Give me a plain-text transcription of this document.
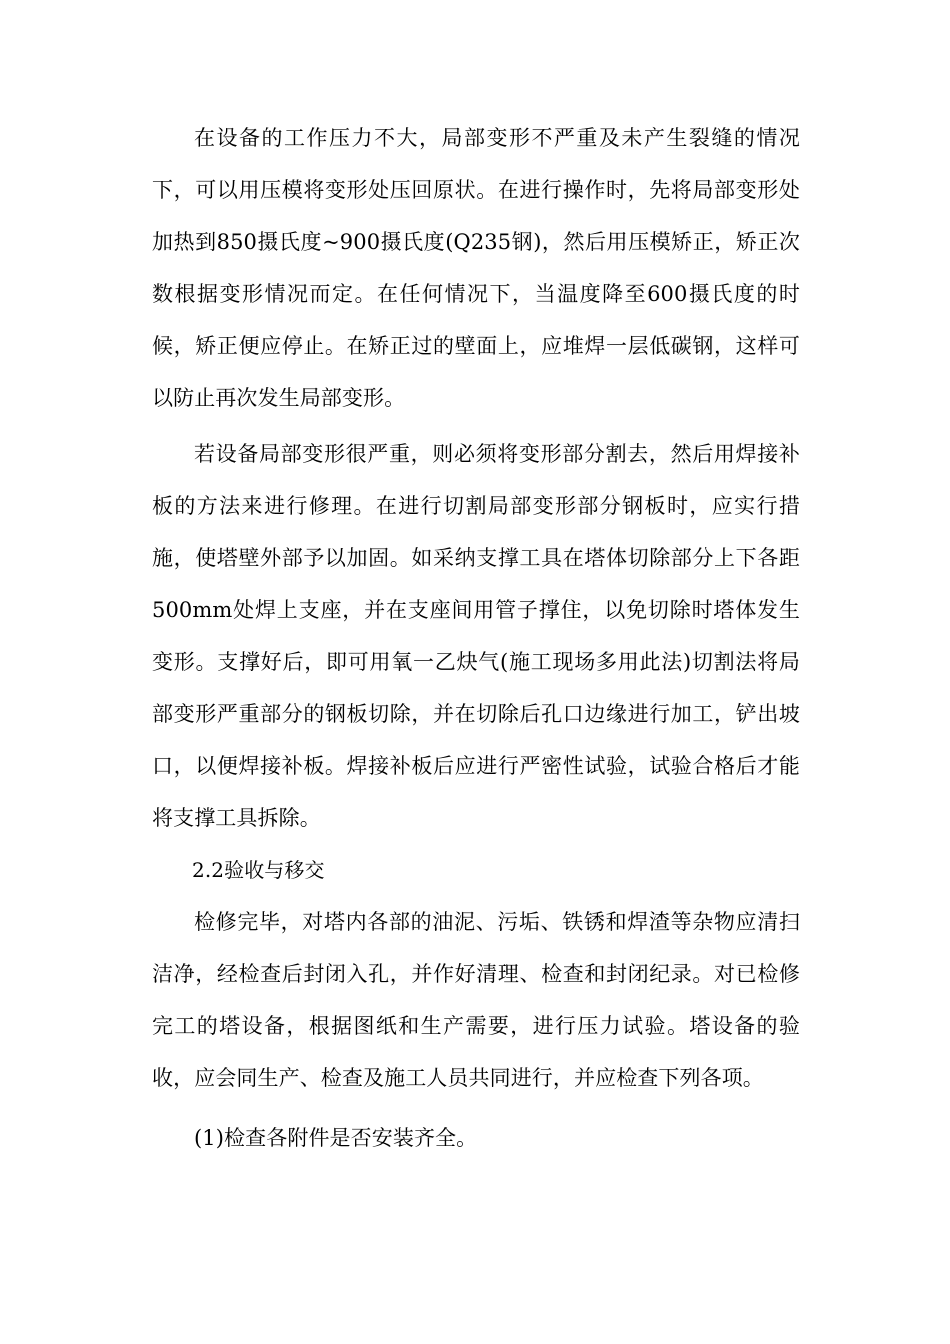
在设备的工作压力不大，局部变形不严重及未产生裂缝的情况下，可以用压模将变形处压回原状。在进行操作时，先将局部变形处加热到850摄氏度~900摄氏度(Q235钢)，然后用压模矫正，矫正次数根据变形情况而定。在任何情况下，当温度降至600摄氏度的时候，矫正便应停止。在矫正过的壁面上，应堆焊一层低碳钢，这样可以防止再次发生局部变形。

若设备局部变形很严重，则必须将变形部分割去，然后用焊接补板的方法来进行修理。在进行切割局部变形部分钢板时，应实行措施，使塔壁外部予以加固。如采纳支撑工具在塔体切除部分上下各距500mm处焊上支座，并在支座间用管子撑住，以免切除时塔体发生变形。支撑好后，即可用氧一乙炔气(施工现场多用此法)切割法将局部变形严重部分的钢板切除，并在切除后孔口边缘进行加工，铲出坡口，以便焊接补板。焊接补板后应进行严密性试验，试验合格后才能将支撑工具拆除。

2.2验收与移交

检修完毕，对塔内各部的油泥、污垢、铁锈和焊渣等杂物应清扫洁净，经检查后封闭入孔，并作好清理、检查和封闭纪录。对已检修完工的塔设备，根据图纸和生产需要，进行压力试验。塔设备的验收，应会同生产、检查及施工人员共同进行，并应检查下列各项。

(1)检查各附件是否安装齐全。
